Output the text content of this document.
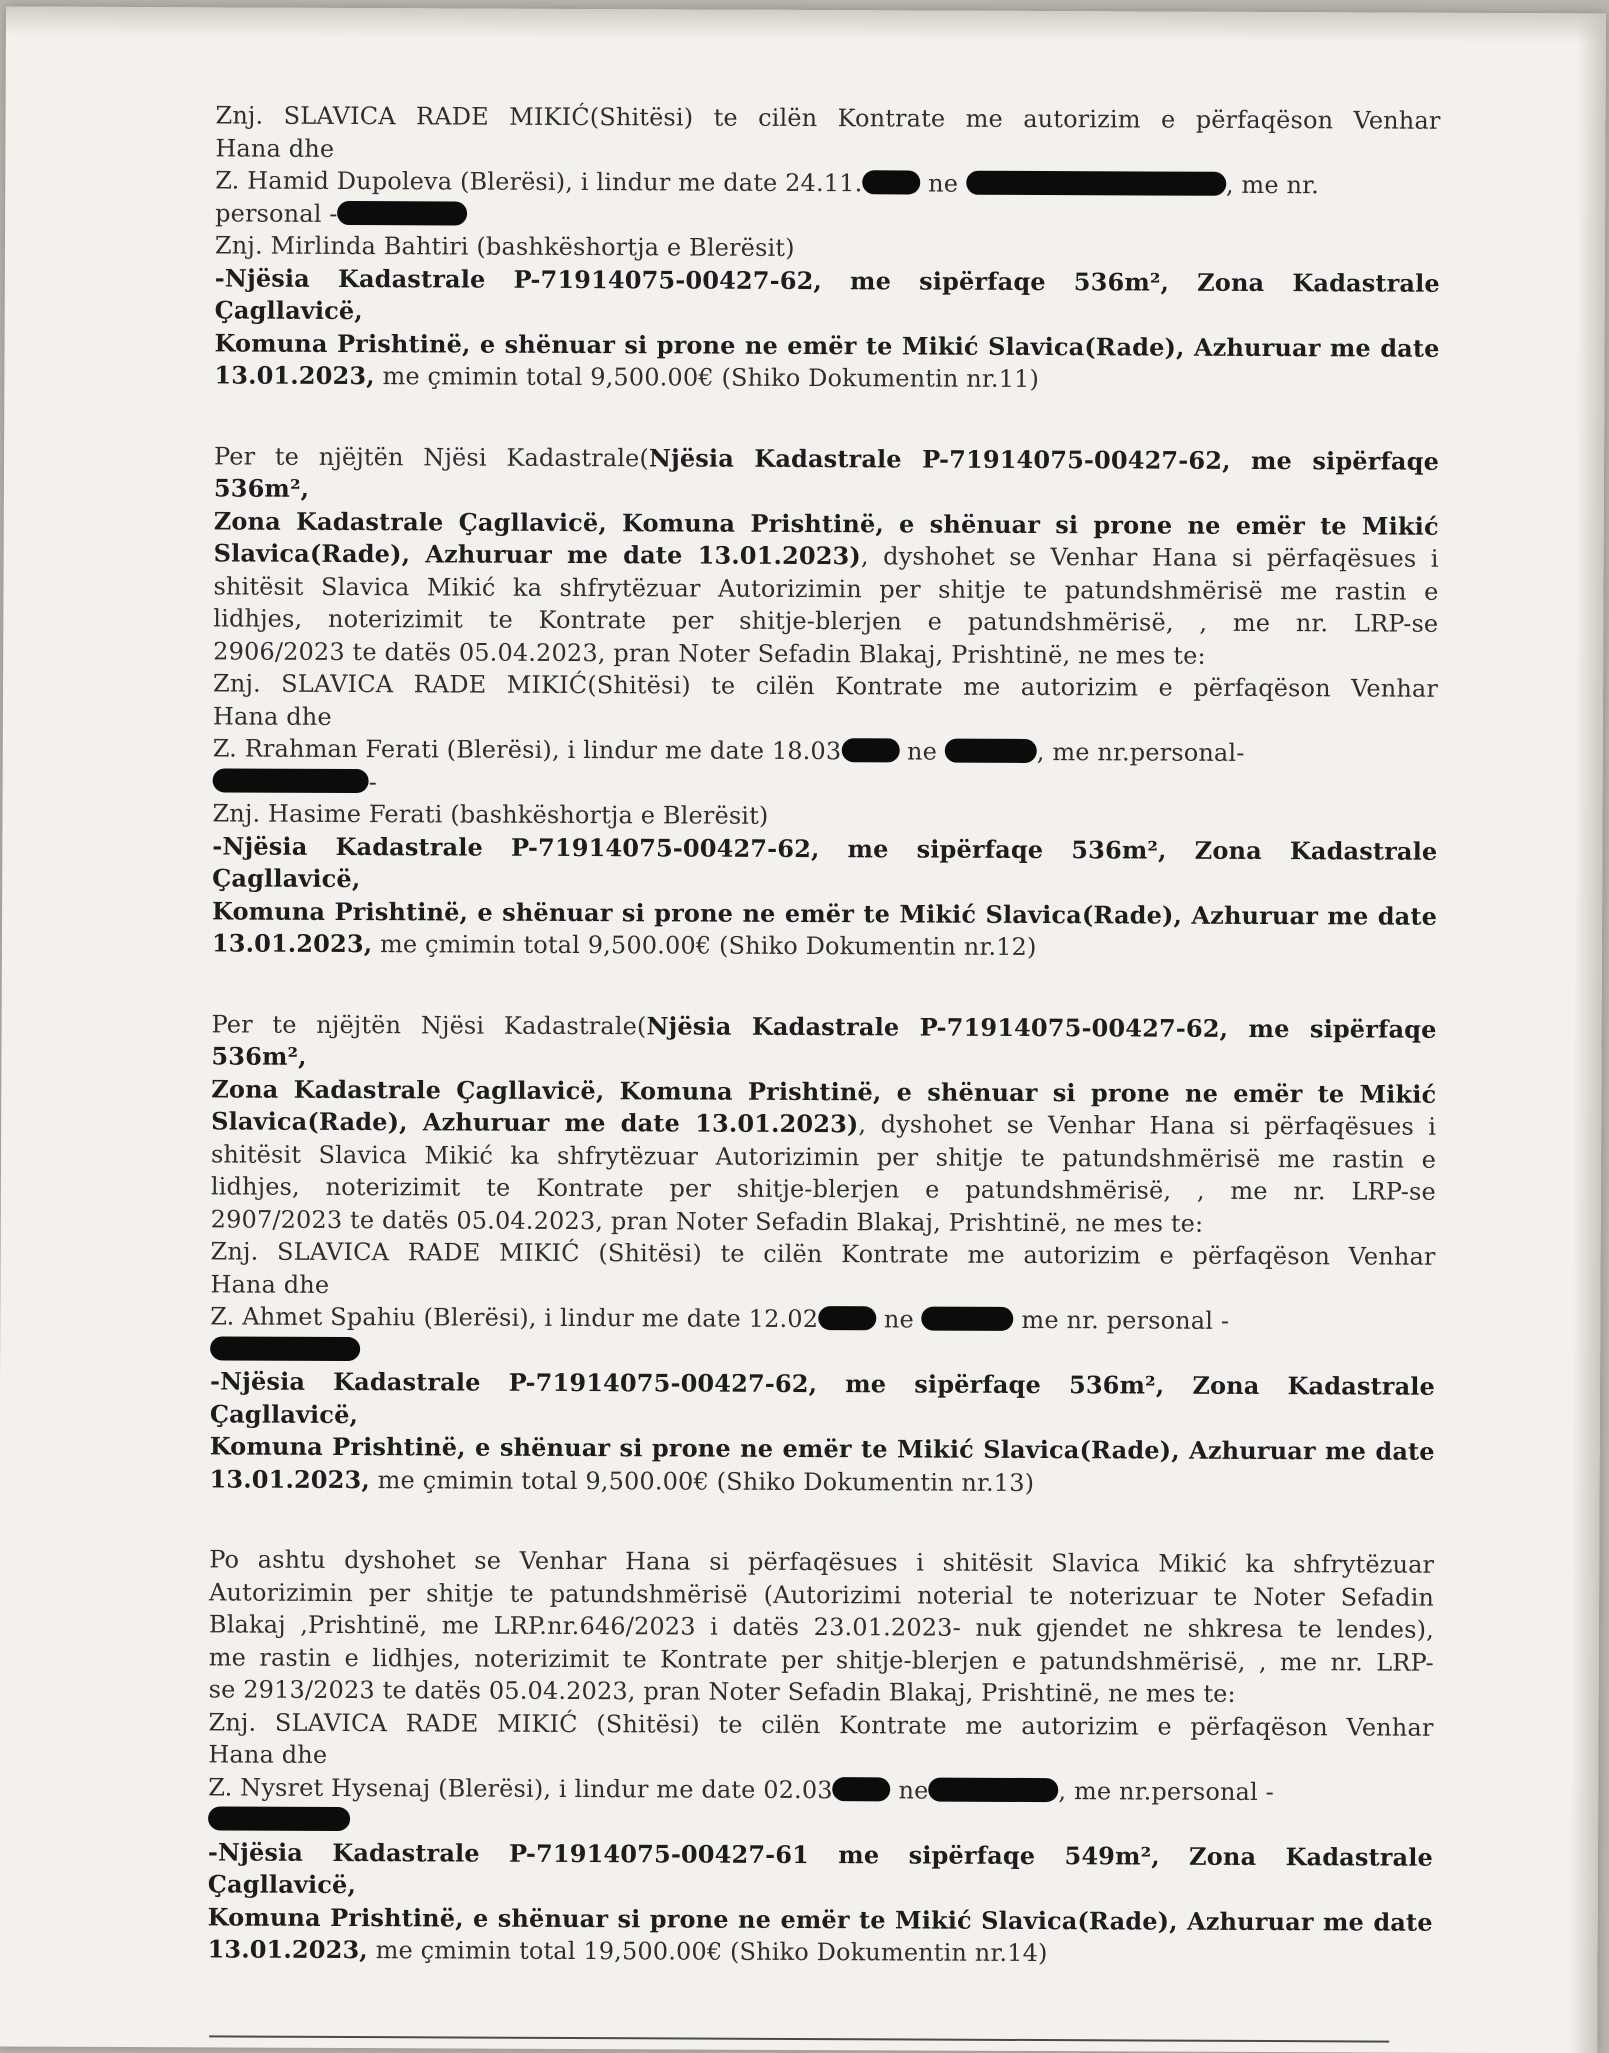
Znj. SLAVICA RADE MIKIĆ(Shitësi) te cilën Kontrate me autorizim e përfaqëson Venhar

Hana dhe

Z. Hamid Dupoleva (Blerësi), i lindur me date 24.11. ne	, me nr.

personal -

Znj. Mirlinda Bahtiri (bashkëshortja e Blerësit)

-Njësia Kadastrale P-71914075-00427-62, me sipërfaqe 536m², Zona Kadastrale Çagllavicë,

Komuna Prishtinë, e shënuar si prone ne emër te Mikić Slavica(Rade), Azhuruar me date

13.01.2023, me çmimin total 9,500.00€ (Shiko Dokumentin nr.11)

Per te njëjtën Njësi Kadastrale(Njësia Kadastrale P-71914075-00427-62, me sipërfaqe 536m²,

Zona Kadastrale Çagllavicë, Komuna Prishtinë, e shënuar si prone ne emër te Mikić

Slavica(Rade), Azhuruar me date 13.01.2023), dyshohet se Venhar Hana si përfaqësues i

shitësit Slavica Mikić ka shfrytëzuar Autorizimin per shitje te patundshmërisë me rastin e

lidhjes, noterizimit te Kontrate per shitje-blerjen e patundshmërisë, , me nr. LRP-se

2906/2023 te datës 05.04.2023, pran Noter Sefadin Blakaj, Prishtinë, ne mes te:

Znj. SLAVICA RADE MIKIĆ(Shitësi) te cilën Kontrate me autorizim e përfaqëson Venhar

Hana dhe

Z. Rrahman Ferati (Blerësi), i lindur me date 18.03 ne	, me nr.personal-

-

Znj. Hasime Ferati (bashkëshortja e Blerësit)

-Njësia Kadastrale P-71914075-00427-62, me sipërfaqe 536m², Zona Kadastrale Çagllavicë,

Komuna Prishtinë, e shënuar si prone ne emër te Mikić Slavica(Rade), Azhuruar me date

13.01.2023, me çmimin total 9,500.00€ (Shiko Dokumentin nr.12)

Per te njëjtën Njësi Kadastrale(Njësia Kadastrale P-71914075-00427-62, me sipërfaqe 536m²,

Zona Kadastrale Çagllavicë, Komuna Prishtinë, e shënuar si prone ne emër te Mikić

Slavica(Rade), Azhuruar me date 13.01.2023), dyshohet se Venhar Hana si përfaqësues i

shitësit Slavica Mikić ka shfrytëzuar Autorizimin per shitje te patundshmërisë me rastin e

lidhjes, noterizimit te Kontrate per shitje-blerjen e patundshmërisë, , me nr. LRP-se

2907/2023 te datës 05.04.2023, pran Noter Sefadin Blakaj, Prishtinë, ne mes te:

Znj. SLAVICA RADE MIKIĆ (Shitësi) te cilën Kontrate me autorizim e përfaqëson Venhar

Hana dhe

Z. Ahmet Spahiu (Blerësi), i lindur me date 12.02 ne	me nr. personal -

-Njësia Kadastrale P-71914075-00427-62, me sipërfaqe 536m², Zona Kadastrale Çagllavicë,

Komuna Prishtinë, e shënuar si prone ne emër te Mikić Slavica(Rade), Azhuruar me date

13.01.2023, me çmimin total 9,500.00€ (Shiko Dokumentin nr.13)

Po ashtu dyshohet se Venhar Hana si përfaqësues i shitësit Slavica Mikić ka shfrytëzuar

Autorizimin per shitje te patundshmërisë (Autorizimi noterial te noterizuar te Noter Sefadin

Blakaj ,Prishtinë, me LRP.nr.646/2023 i datës 23.01.2023- nuk gjendet ne shkresa te lendes),

me rastin e lidhjes, noterizimit te Kontrate per shitje-blerjen e patundshmërisë, , me nr. LRP-

se 2913/2023 te datës 05.04.2023, pran Noter Sefadin Blakaj, Prishtinë, ne mes te:

Znj. SLAVICA RADE MIKIĆ (Shitësi) te cilën Kontrate me autorizim e përfaqëson Venhar

Hana dhe

Z. Nysret Hysenaj (Blerësi), i lindur me date 02.03 ne	, me nr.personal -

-Njësia Kadastrale P-71914075-00427-61 me sipërfaqe 549m², Zona Kadastrale Çagllavicë,

Komuna Prishtinë, e shënuar si prone ne emër te Mikić Slavica(Rade), Azhuruar me date

13.01.2023, me çmimin total 19,500.00€ (Shiko Dokumentin nr.14)
